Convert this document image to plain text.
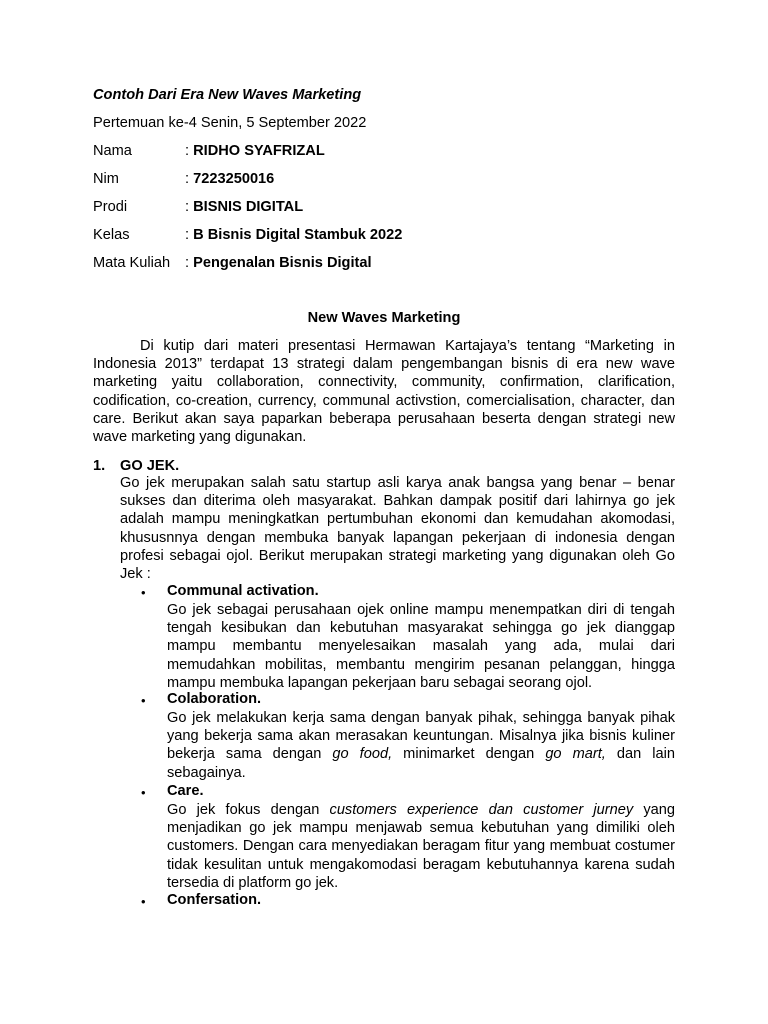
Contoh Dari Era New Waves Marketing
Pertemuan ke-4 Senin, 5 September 2022
Nama	: RIDHO SYAFRIZAL
Nim	: 7223250016
Prodi	: BISNIS DIGITAL
Kelas	: B Bisnis Digital Stambuk 2022
Mata Kuliah	: Pengenalan Bisnis Digital
New Waves Marketing
Di kutip dari materi presentasi Hermawan Kartajaya’s tentang “Marketing in Indonesia 2013” terdapat 13 strategi dalam pengembangan bisnis di era new wave marketing yaitu collaboration, connectivity, community, confirmation, clarification, codification, co-creation, currency, communal activstion, comercialisation, character, dan care. Berikut akan saya paparkan beberapa perusahaan beserta dengan strategi new wave marketing yang digunakan.
1. GO JEK.
Go jek merupakan salah satu startup asli karya anak bangsa yang benar – benar sukses dan diterima oleh masyarakat. Bahkan dampak positif dari lahirnya go jek adalah mampu meningkatkan pertumbuhan ekonomi dan kemudahan akomodasi, khususnnya dengan membuka banyak lapangan pekerjaan di indonesia dengan profesi sebagai ojol. Berikut merupakan strategi marketing yang digunakan oleh Go Jek :
• Communal activation.
Go jek sebagai perusahaan ojek online mampu menempatkan diri di tengah tengah kesibukan dan kebutuhan masyarakat sehingga go jek dianggap mampu membantu menyelesaikan masalah yang ada, mulai dari memudahkan mobilitas, membantu mengirim pesanan pelanggan, hingga mampu membuka lapangan pekerjaan baru sebagai seorang ojol.
• Colaboration.
Go jek melakukan kerja sama dengan banyak pihak, sehingga banyak pihak yang bekerja sama akan merasakan keuntungan. Misalnya jika bisnis kuliner bekerja sama dengan go food, minimarket dengan go mart, dan lain sebagainya.
• Care.
Go jek fokus dengan customers experience dan customer jurney yang menjadikan go jek mampu menjawab semua kebutuhan yang dimiliki oleh customers. Dengan cara menyediakan beragam fitur yang membuat costumer tidak kesulitan untuk mengakomodasi beragam kebutuhannya karena sudah tersedia di platform go jek.
• Confersation.
